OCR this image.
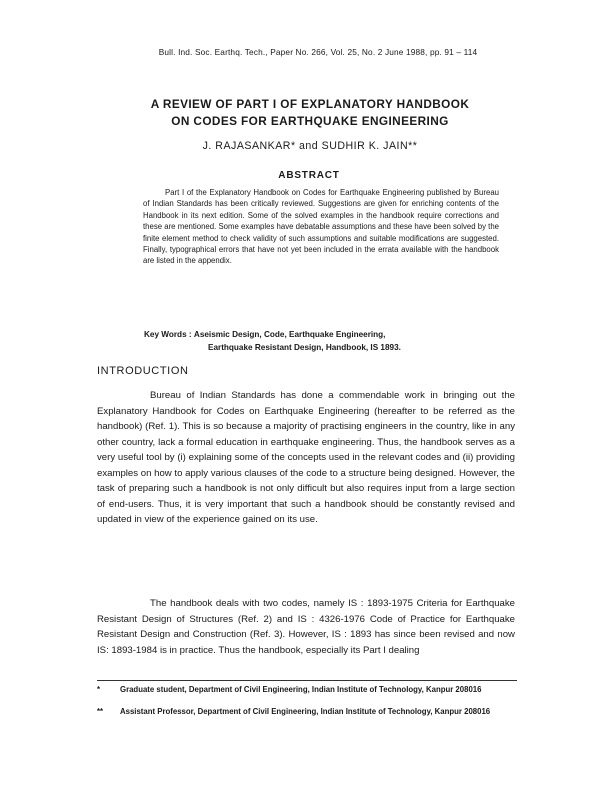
Bull. Ind. Soc. Earthq. Tech., Paper No. 266, Vol. 25, No. 2 June 1988, pp. 91 – 114
A REVIEW OF PART I OF EXPLANATORY HANDBOOK
ON CODES FOR EARTHQUAKE ENGINEERING
J. RAJASANKAR* and SUDHIR K. JAIN**
ABSTRACT
Part I of the Explanatory Handbook on Codes for Earthquake Engineering published by Bureau of Indian Standards has been critically reviewed. Suggestions are given for enriching contents of the Handbook in its next edition. Some of the solved examples in the handbook require corrections and these are mentioned. Some examples have debatable assumptions and these have been solved by the finite element method to check validity of such assumptions and suitable modifications are suggested. Finally, typographical errors that have not yet been included in the errata available with the handbook are listed in the appendix.
Key Words : Aseismic Design, Code, Earthquake Engineering,
Earthquake Resistant Design, Handbook, IS 1893.
INTRODUCTION
Bureau of Indian Standards has done a commendable work in bringing out the Explanatory Handbook for Codes on Earthquake Engineering (hereafter to be referred as the handbook) (Ref. 1). This is so because a majority of practising engineers in the country, like in any other country, lack a formal education in earthquake engineering. Thus, the handbook serves as a very useful tool by (i) explaining some of the concepts used in the relevant codes and (ii) providing examples on how to apply various clauses of the code to a structure being designed. However, the task of preparing such a handbook is not only difficult but also requires input from a large section of end-users. Thus, it is very important that such a handbook should be constantly revised and updated in view of the experience gained on its use.
The handbook deals with two codes, namely IS : 1893-1975 Criteria for Earthquake Resistant Design of Structures (Ref. 2) and IS : 4326-1976 Code of Practice for Earthquake Resistant Design and Construction (Ref. 3). However, IS : 1893 has since been revised and now IS: 1893-1984 is in practice. Thus the handbook, especially its Part I dealing
*	Graduate student, Department of Civil Engineering, Indian Institute of Technology, Kanpur 208016
**	Assistant Professor, Department of Civil Engineering, Indian Institute of Technology, Kanpur 208016
